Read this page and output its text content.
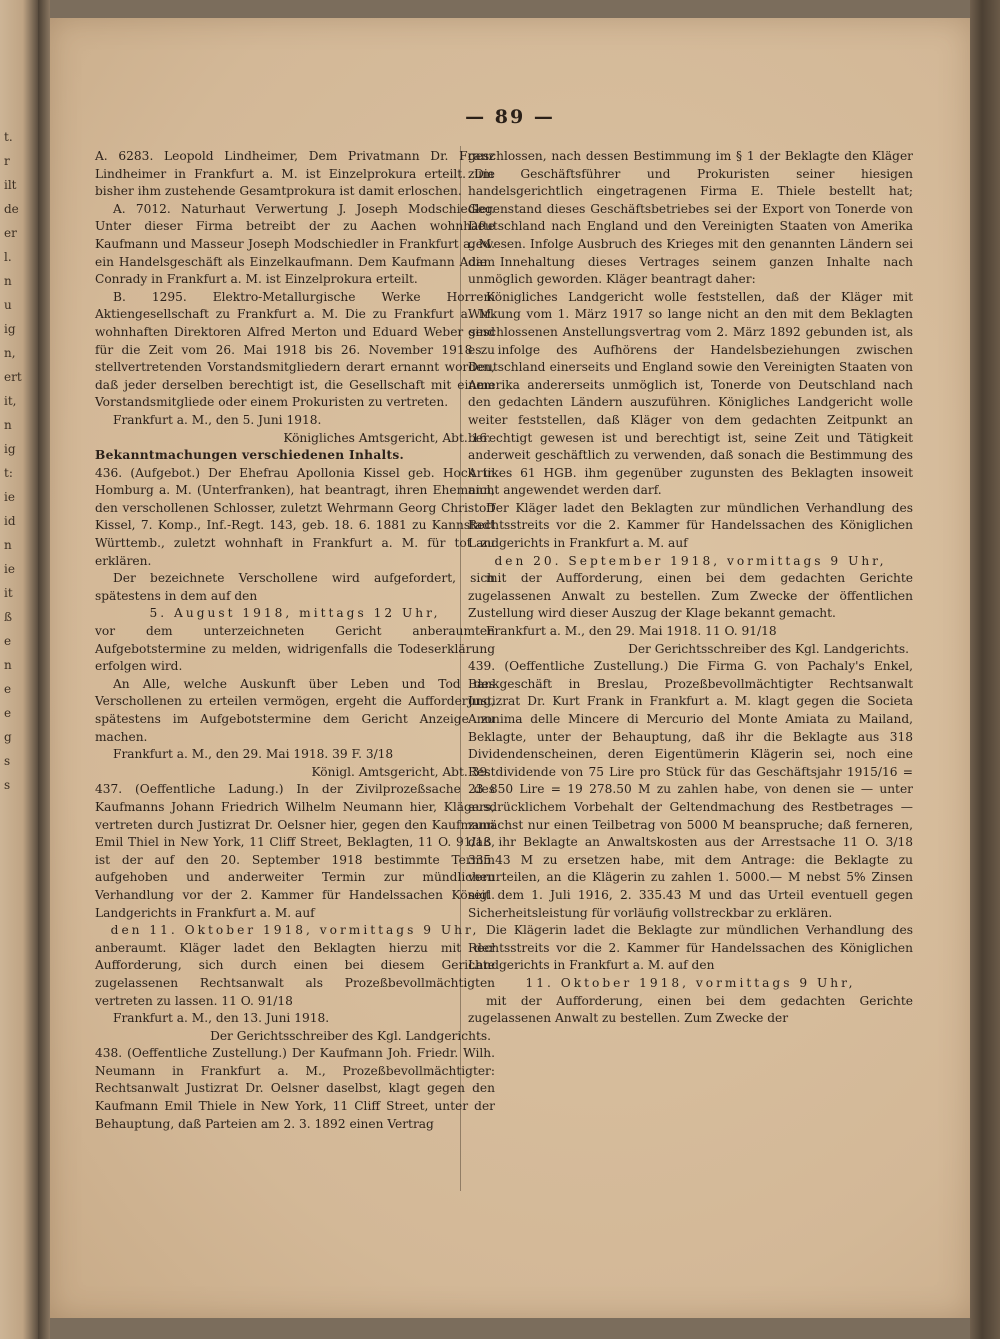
t.
r
ilt
de
er
l.
n
u
ig
n,
ert
it,
n
ig
t:
ie
id
n
ie
it
ß
e
n
e
e
g
s
s
— 89 —

A. 6283. Leopold Lindheimer, Dem Privatmann Dr. Franz Lindheimer in Frankfurt a. M. ist Einzelprokura erteilt. Die bisher ihm zustehende Gesamtprokura ist damit erloschen.

A. 7012. Naturhaut Verwertung J. Joseph Modschiedler. Unter dieser Firma betreibt der zu Aachen wohnhafte Kaufmann und Masseur Joseph Modschiedler in Frankfurt a. M. ein Handelsgeschäft als Einzelkaufmann. Dem Kaufmann Adam Conrady in Frankfurt a. M. ist Einzelprokura erteilt.

B. 1295. Elektro-Metallurgische Werke Horrem Aktiengesellschaft zu Frankfurt a. M. Die zu Frankfurt a. M. wohnhaften Direktoren Alfred Merton und Eduard Weber sind für die Zeit vom 26. Mai 1918 bis 26. November 1918 zu stellvertretenden Vorstandsmitgliedern derart ernannt worden, daß jeder derselben berechtigt ist, die Gesellschaft mit einem Vorstandsmitgliede oder einem Prokuristen zu vertreten.

Frankfurt a. M., den 5. Juni 1918.

Königliches Amtsgericht, Abt. 16.

Bekanntmachungen verschiedenen Inhalts.

436. (Aufgebot.) Der Ehefrau Apollonia Kissel geb. Hock in Homburg a. M. (Unterfranken), hat beantragt, ihren Ehemann, den verschollenen Schlosser, zuletzt Wehrmann Georg Christoff Kissel, 7. Komp., Inf.-Regt. 143, geb. 18. 6. 1881 zu Kannstadt Württemb., zuletzt wohnhaft in Frankfurt a. M. für tot zu erklären.

Der bezeichnete Verschollene wird aufgefordert, sich spätestens in dem auf den

5. August 1918, mittags 12 Uhr,

vor dem unterzeichneten Gericht anberaumten Aufgebotstermine zu melden, widrigenfalls die Todeserklärung erfolgen wird.

An Alle, welche Auskunft über Leben und Tod des Verschollenen zu erteilen vermögen, ergeht die Aufforderung, spätestens im Aufgebotstermine dem Gericht Anzeige zu machen.

Frankfurt a. M., den 29. Mai 1918. 39 F. 3/18

Königl. Amtsgericht, Abt. 39.

437. (Oeffentliche Ladung.) In der Zivilprozeßsache des Kaufmanns Johann Friedrich Wilhelm Neumann hier, Klägers, vertreten durch Justizrat Dr. Oelsner hier, gegen den Kaufmann Emil Thiel in New York, 11 Cliff Street, Beklagten, 11 O. 91/18, ist der auf den 20. September 1918 bestimmte Termin aufgehoben und anderweiter Termin zur mündlichen Verhandlung vor der 2. Kammer für Handelssachen Königl. Landgerichts in Frankfurt a. M. auf

den 11. Oktober 1918, vormittags 9 Uhr,

anberaumt. Kläger ladet den Beklagten hierzu mit der Aufforderung, sich durch einen bei diesem Gerichte zugelassenen Rechtsanwalt als Prozeßbevollmächtigten vertreten zu lassen. 11 O. 91/18

Frankfurt a. M., den 13. Juni 1918.

Der Gerichtsschreiber des Kgl. Landgerichts.

438. (Oeffentliche Zustellung.) Der Kaufmann Joh. Friedr. Wilh. Neumann in Frankfurt a. M., Prozeßbevollmächtigter: Rechtsanwalt Justizrat Dr. Oelsner daselbst, klagt gegen den Kaufmann Emil Thiele in New York, 11 Cliff Street, unter der Behauptung, daß Parteien am 2. 3. 1892 einen Vertrag

geschlossen, nach dessen Bestimmung im § 1 der Beklagte den Kläger zum Geschäftsführer und Prokuristen seiner hiesigen handelsgerichtlich eingetragenen Firma E. Thiele bestellt hat; Gegenstand dieses Geschäftsbetriebes sei der Export von Tonerde von Deutschland nach England und den Vereinigten Staaten von Amerika gewesen. Infolge Ausbruch des Krieges mit den genannten Ländern sei die Innehaltung dieses Vertrages seinem ganzen Inhalte nach unmöglich geworden. Kläger beantragt daher:

Königliches Landgericht wolle feststellen, daß der Kläger mit Wirkung vom 1. März 1917 so lange nicht an den mit dem Beklagten geschlossenen Anstellungsvertrag vom 2. März 1892 gebunden ist, als es infolge des Aufhörens der Handelsbeziehungen zwischen Deutschland einerseits und England sowie den Vereinigten Staaten von Amerika andererseits unmöglich ist, Tonerde von Deutschland nach den gedachten Ländern auszuführen. Königliches Landgericht wolle weiter feststellen, daß Kläger von dem gedachten Zeitpunkt an berechtigt gewesen ist und berechtigt ist, seine Zeit und Tätigkeit anderweit geschäftlich zu verwenden, daß sonach die Bestimmung des Artikes 61 HGB. ihm gegenüber zugunsten des Beklagten insoweit nicht angewendet werden darf.

Der Kläger ladet den Beklagten zur mündlichen Verhandlung des Rechtsstreits vor die 2. Kammer für Handelssachen des Königlichen Landgerichts in Frankfurt a. M. auf

den 20. September 1918, vormittags 9 Uhr,

mit der Aufforderung, einen bei dem gedachten Gerichte zugelassenen Anwalt zu bestellen. Zum Zwecke der öffentlichen Zustellung wird dieser Auszug der Klage bekannt gemacht.

Frankfurt a. M., den 29. Mai 1918. 11 O. 91/18

Der Gerichtsschreiber des Kgl. Landgerichts.

439. (Oeffentliche Zustellung.) Die Firma G. von Pachaly's Enkel, Bankgeschäft in Breslau, Prozeßbevollmächtigter Rechtsanwalt Justizrat Dr. Kurt Frank in Frankfurt a. M. klagt gegen die Societa Anonima delle Mincere di Mercurio del Monte Amiata zu Mailand, Beklagte, unter der Behauptung, daß ihr die Beklagte aus 318 Dividendenscheinen, deren Eigentümerin Klägerin sei, noch eine Restdividende von 75 Lire pro Stück für das Geschäftsjahr 1915/16 = 23 850 Lire = 19 278.50 M zu zahlen habe, von denen sie — unter ausdrücklichem Vorbehalt der Geltendmachung des Restbetrages — zunächst nur einen Teilbetrag von 5000 M beanspruche; daß ferneren, daß ihr Beklagte an Anwaltskosten aus der Arrestsache 11 O. 3/18 335.43 M zu ersetzen habe, mit dem Antrage: die Beklagte zu verurteilen, an die Klägerin zu zahlen 1. 5000.— M nebst 5% Zinsen seit dem 1. Juli 1916, 2. 335.43 M und das Urteil eventuell gegen Sicherheitsleistung für vorläufig vollstreckbar zu erklären.

Die Klägerin ladet die Beklagte zur mündlichen Verhandlung des Rechtsstreits vor die 2. Kammer für Handelssachen des Königlichen Landgerichts in Frankfurt a. M. auf den

11. Oktober 1918, vormittags 9 Uhr,

mit der Aufforderung, einen bei dem gedachten Gerichte zugelassenen Anwalt zu bestellen. Zum Zwecke der
